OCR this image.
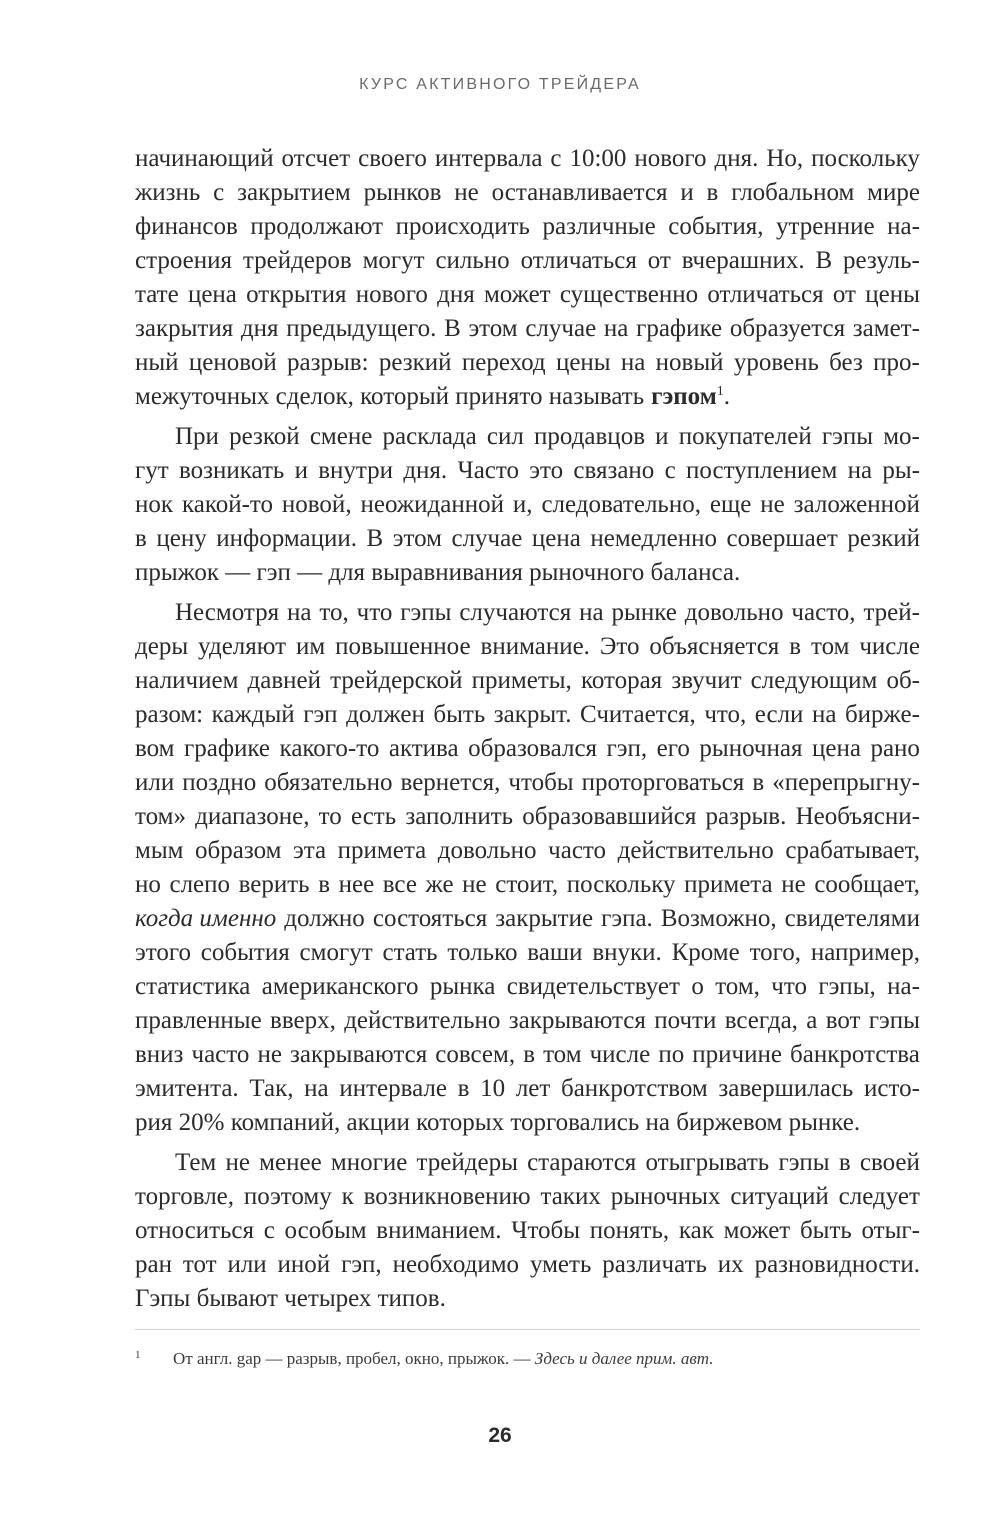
КУРС АКТИВНОГО ТРЕЙДЕРА
начинающий отсчет своего интервала с 10:00 нового дня. Но, поскольку
жизнь с закрытием рынков не останавливается и в глобальном мире
финансов продолжают происходить различные события, утренние на-
строения трейдеров могут сильно отличаться от вчерашних. В резуль-
тате цена открытия нового дня может существенно отличаться от цены
закрытия дня предыдущего. В этом случае на графике образуется замет-
ный ценовой разрыв: резкий переход цены на новый уровень без про-
межуточных сделок, который принято называть гэпом$^1$.
При резкой смене расклада сил продавцов и покупателей гэпы мо-
гут возникать и внутри дня. Часто это связано с поступлением на ры-
нок какой-то новой, неожиданной и, следовательно, еще не заложенной
в цену информации. В этом случае цена немедленно совершает резкий
прыжок — гэп — для выравнивания рыночного баланса.
Несмотря на то, что гэпы случаются на рынке довольно часто, трей-
деры уделяют им повышенное внимание. Это объясняется в том числе
наличием давней трейдерской приметы, которая звучит следующим об-
разом: каждый гэп должен быть закрыт. Считается, что, если на бирже-
вом графике какого-то актива образовался гэп, его рыночная цена рано
или поздно обязательно вернется, чтобы проторговаться в «перепрыгну-
том» диапазоне, то есть заполнить образовавшийся разрыв. Необъясни-
мым образом эта примета довольно часто действительно срабатывает,
но слепо верить в нее все же не стоит, поскольку примета не сообщает,
когда именно должно состояться закрытие гэпа. Возможно, свидетелями
этого события смогут стать только ваши внуки. Кроме того, например,
статистика американского рынка свидетельствует о том, что гэпы, на-
правленные вверх, действительно закрываются почти всегда, а вот гэпы
вниз часто не закрываются совсем, в том числе по причине банкротства
эмитента. Так, на интервале в 10 лет банкротством завершилась исто-
рия 20% компаний, акции которых торговались на биржевом рынке.
Тем не менее многие трейдеры стараются отыгрывать гэпы в своей
торговле, поэтому к возникновению таких рыночных ситуаций следует
относиться с особым вниманием. Чтобы понять, как может быть отыг-
ран тот или иной гэп, необходимо уметь различать их разновидности.
Гэпы бывают четырех типов.
1 От англ. gap — разрыв, пробел, окно, прыжок. — Здесь и далее прим. авт.
26
